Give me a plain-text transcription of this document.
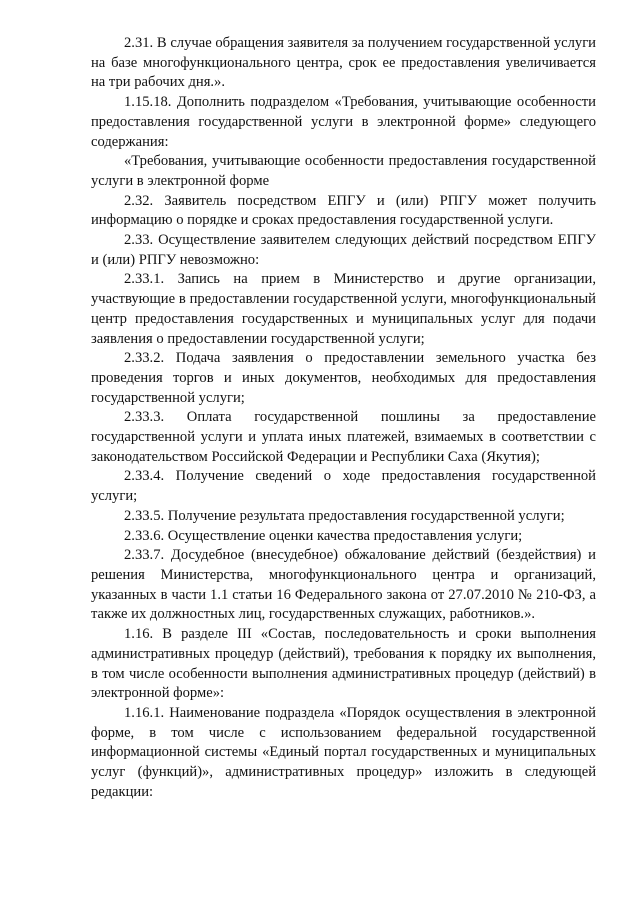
2.31. В случае обращения заявителя за получением государственной услуги на базе многофункционального центра, срок ее предоставления увеличивается на три рабочих дня.».

1.15.18. Дополнить подразделом «Требования, учитывающие особенности предоставления государственной услуги в электронной форме» следующего содержания:

«Требования, учитывающие особенности предоставления государственной услуги в электронной форме

2.32. Заявитель посредством ЕПГУ и (или) РПГУ может получить информацию о порядке и сроках предоставления государственной услуги.

2.33. Осуществление заявителем следующих действий посредством ЕПГУ и (или) РПГУ невозможно:

2.33.1. Запись на прием в Министерство и другие организации, участвующие в предоставлении государственной услуги, многофункциональный центр предоставления государственных и муниципальных услуг для подачи заявления о предоставлении государственной услуги;

2.33.2. Подача заявления о предоставлении земельного участка без проведения торгов и иных документов, необходимых для предоставления государственной услуги;

2.33.3. Оплата государственной пошлины за предоставление государственной услуги и уплата иных платежей, взимаемых в соответствии с законодательством Российской Федерации и Республики Саха (Якутия);

2.33.4. Получение сведений о ходе предоставления государственной услуги;

2.33.5. Получение результата предоставления государственной услуги;

2.33.6. Осуществление оценки качества предоставления услуги;

2.33.7. Досудебное (внесудебное) обжалование действий (бездействия) и решения Министерства, многофункционального центра и организаций, указанных в части 1.1 статьи 16 Федерального закона от 27.07.2010 № 210-ФЗ, а также их должностных лиц, государственных служащих, работников.».

1.16. В разделе III «Состав, последовательность и сроки выполнения административных процедур (действий), требования к порядку их выполнения, в том числе особенности выполнения административных процедур (действий) в электронной форме»:

1.16.1. Наименование подраздела «Порядок осуществления в электронной форме, в том числе с использованием федеральной государственной информационной системы «Единый портал государственных и муниципальных услуг (функций)», административных процедур» изложить в следующей редакции:
